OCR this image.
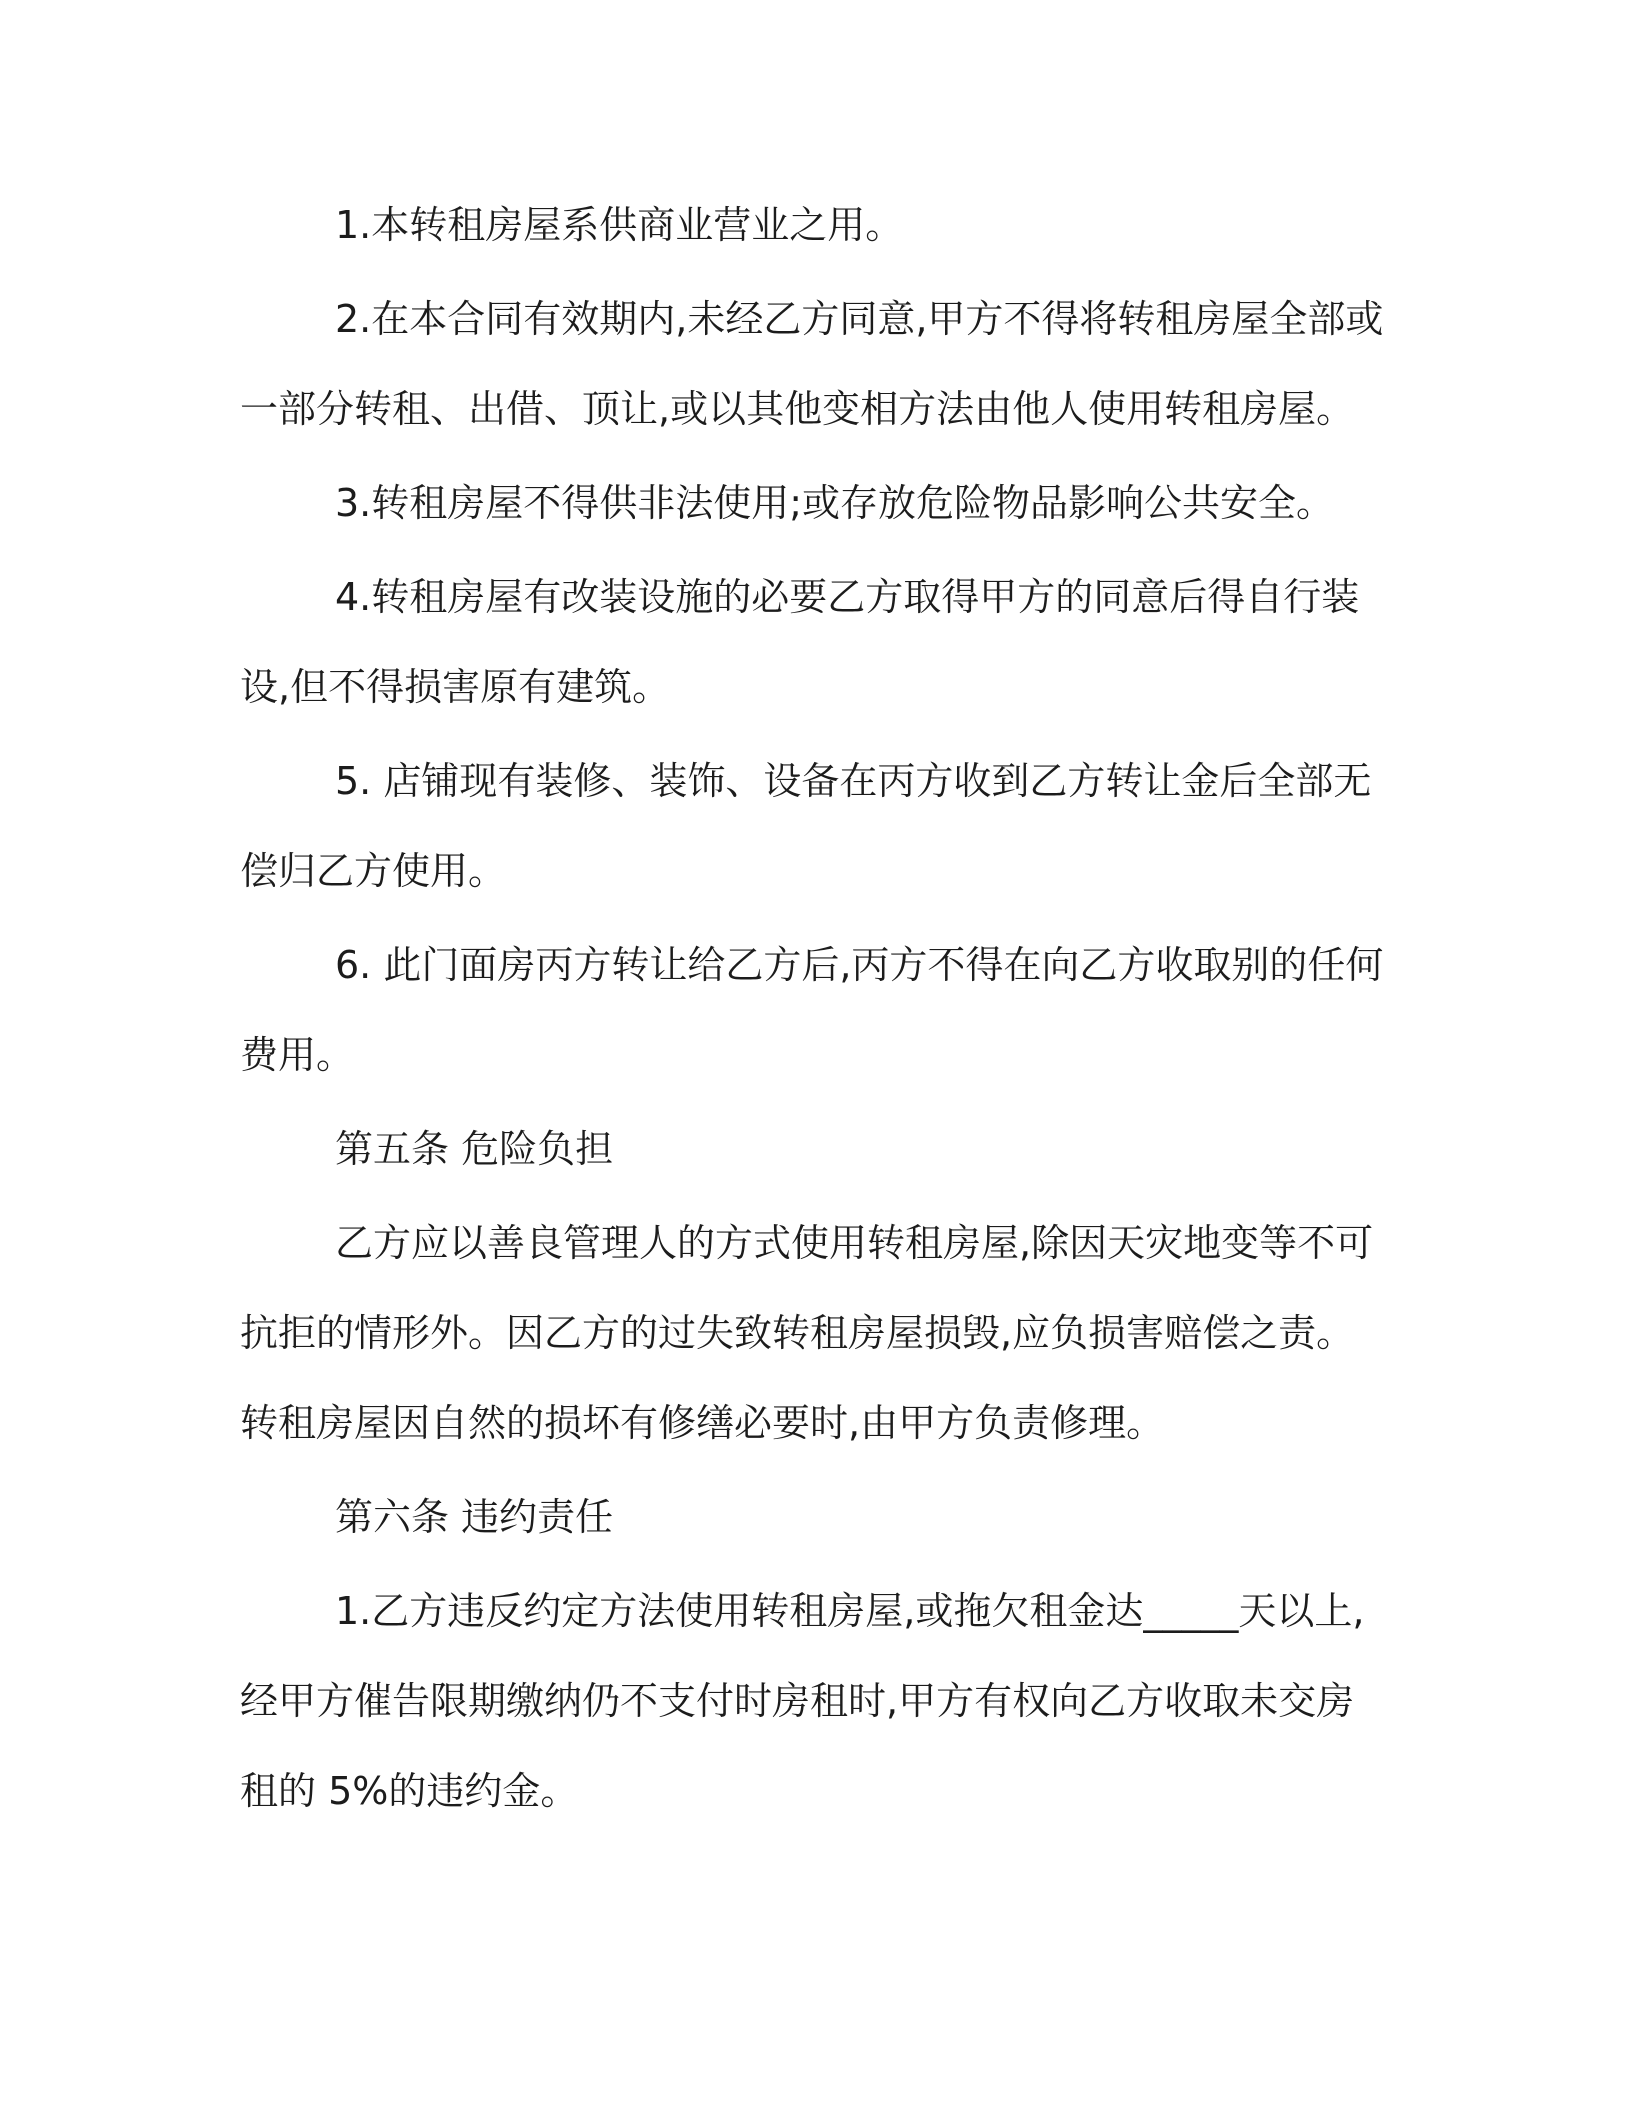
1.本转租房屋系供商业营业之用。

2.在本合同有效期内,未经乙方同意,甲方不得将转租房屋全部或一部分转租、出借、顶让,或以其他变相方法由他人使用转租房屋。

3.转租房屋不得供非法使用;或存放危险物品影响公共安全。

4.转租房屋有改装设施的必要乙方取得甲方的同意后得自行装设,但不得损害原有建筑。

5. 店铺现有装修、装饰、设备在丙方收到乙方转让金后全部无偿归乙方使用。

6. 此门面房丙方转让给乙方后,丙方不得在向乙方收取别的任何费用。

第五条 危险负担

乙方应以善良管理人的方式使用转租房屋,除因天灾地变等不可抗拒的情形外。因乙方的过失致转租房屋损毁,应负损害赔偿之责。转租房屋因自然的损坏有修缮必要时,由甲方负责修理。

第六条 违约责任

1.乙方违反约定方法使用转租房屋,或拖欠租金达_____天以上,经甲方催告限期缴纳仍不支付时房租时,甲方有权向乙方收取未交房租的 5%的违约金。
